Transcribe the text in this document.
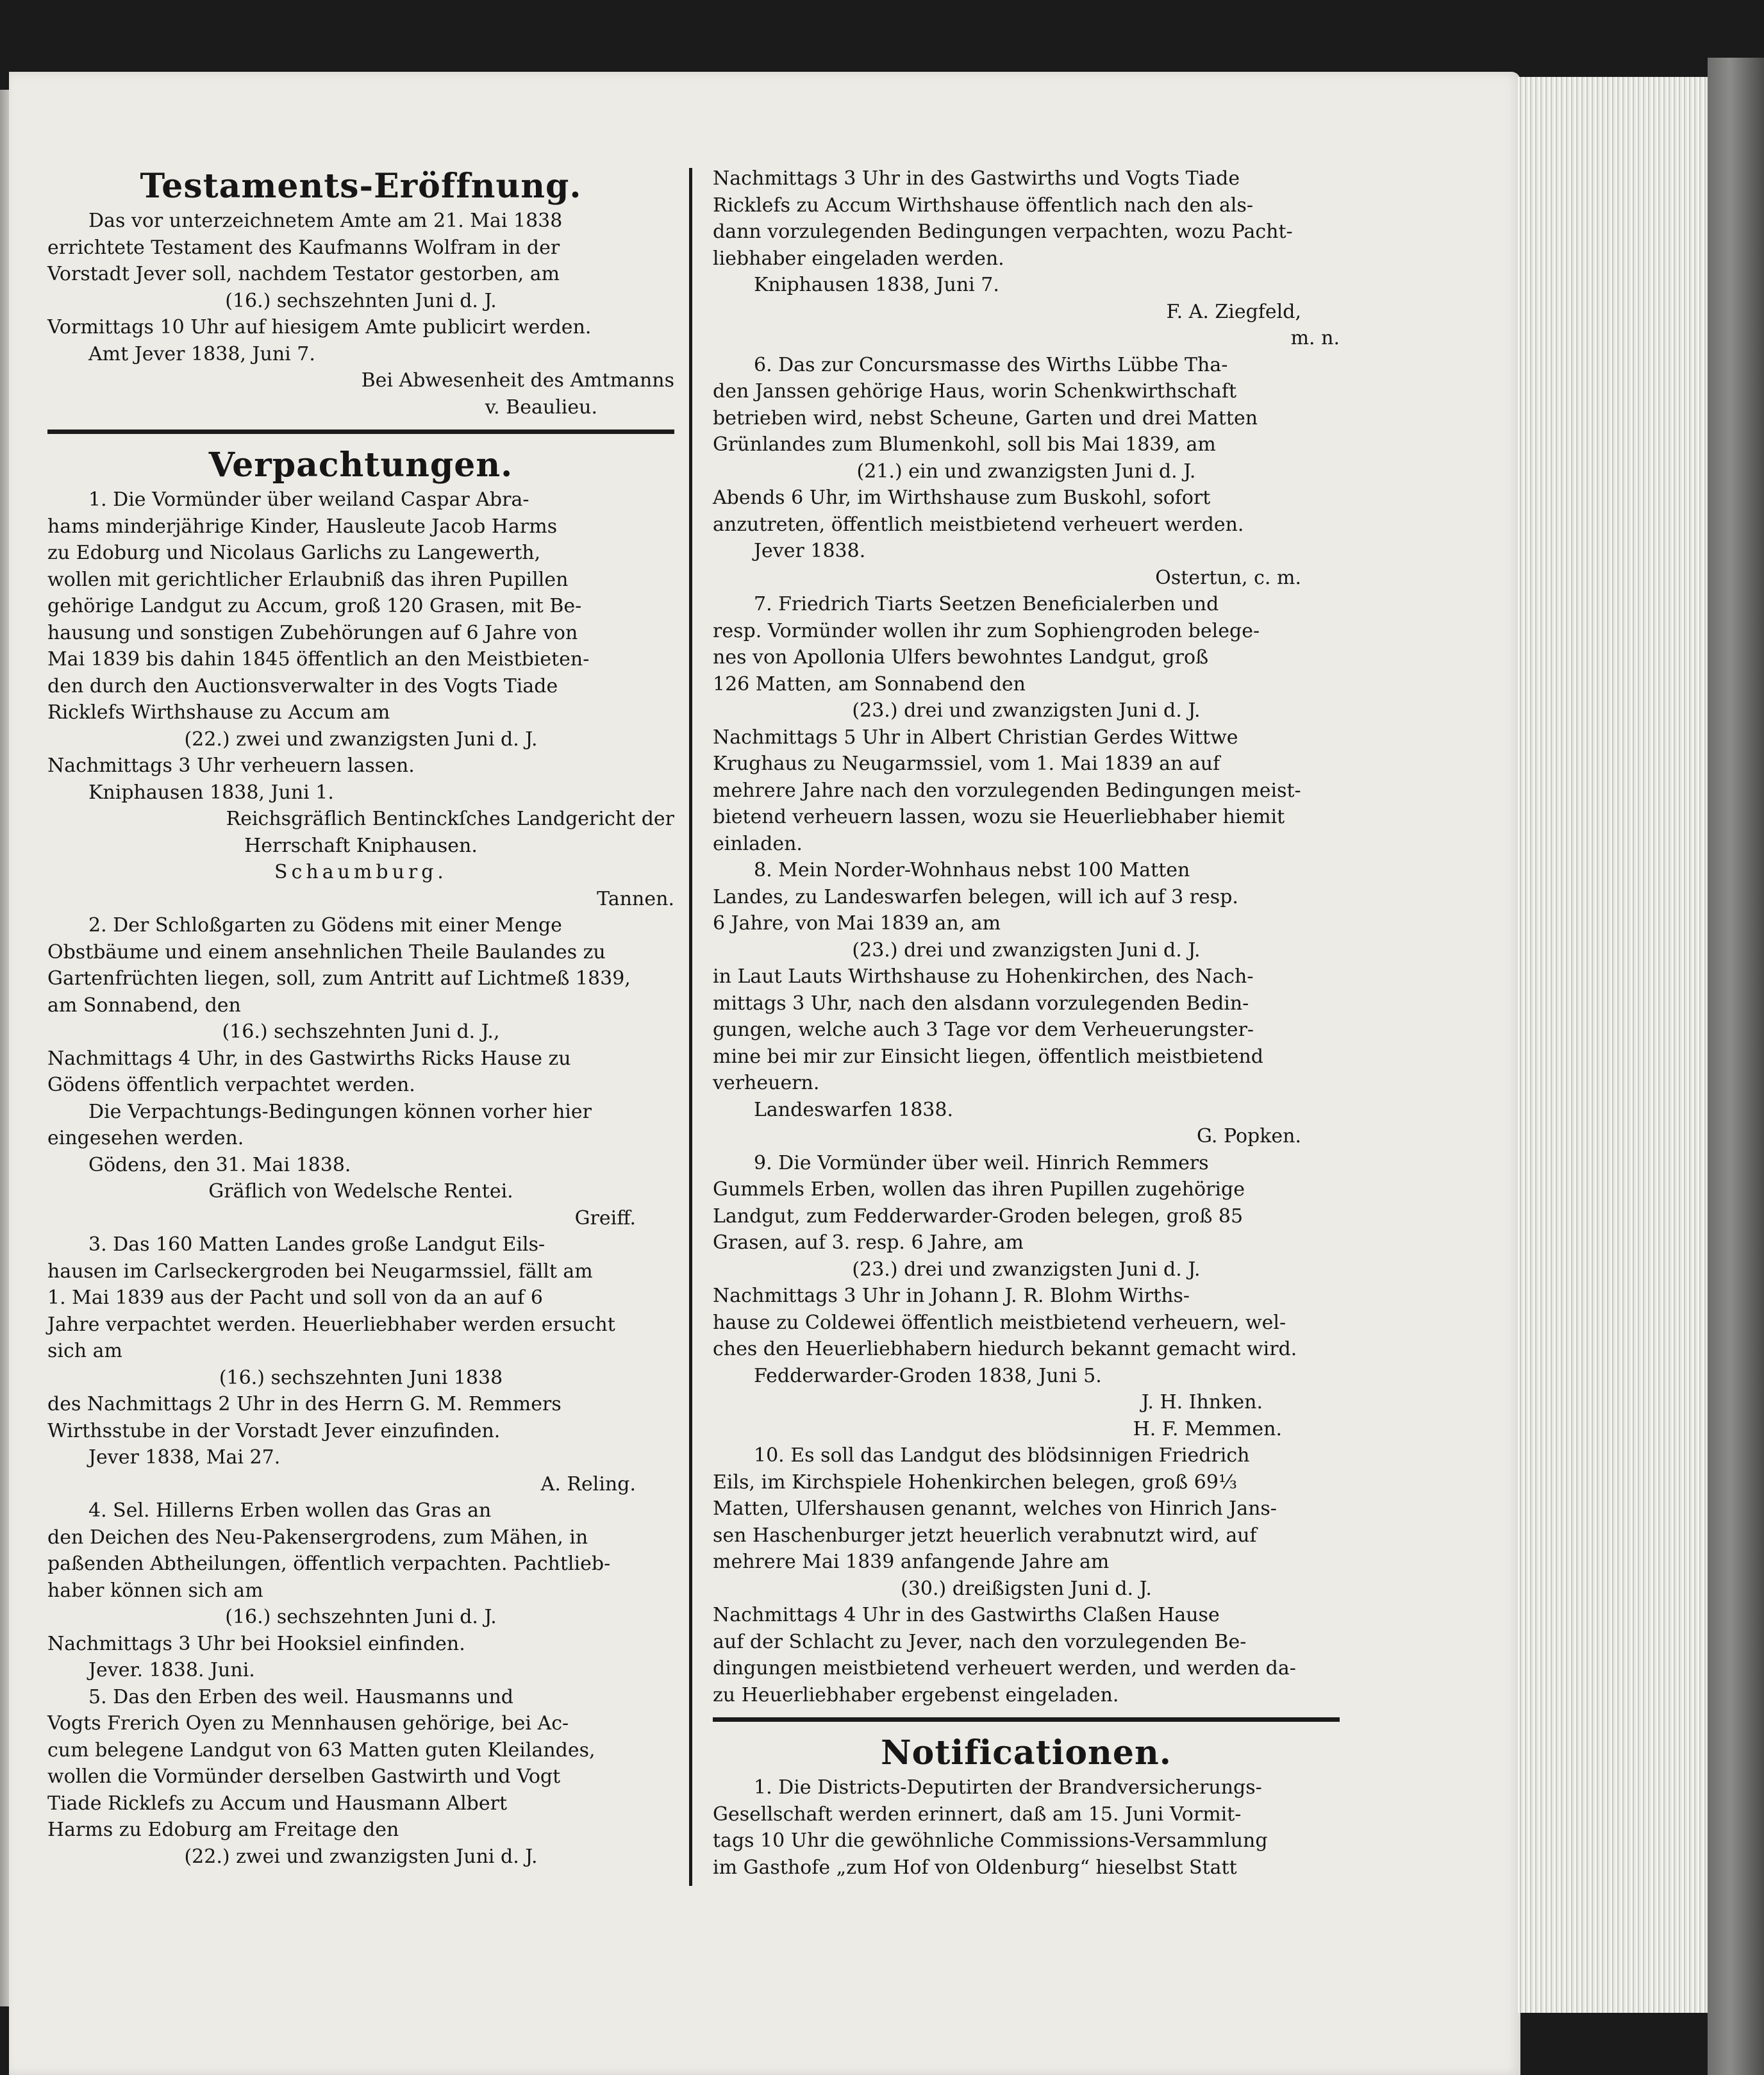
Testaments-Eröffnung.

Das vor unterzeichnetem Amte am 21. Mai 1838

errichtete Testament des Kaufmanns Wolfram in der

Vorstadt Jever soll, nachdem Testator gestorben, am

(16.) sechszehnten Juni d. J.

Vormittags 10 Uhr auf hiesigem Amte publicirt werden.

Amt Jever 1838, Juni 7.

Bei Abwesenheit des Amtmanns

v. Beaulieu.

Verpachtungen.

1. Die Vormünder über weiland Caspar Abra-

hams minderjährige Kinder, Hausleute Jacob Harms

zu Edoburg und Nicolaus Garlichs zu Langewerth,

wollen mit gerichtlicher Erlaubniß das ihren Pupillen

gehörige Landgut zu Accum, groß 120 Grasen, mit Be-

hausung und sonstigen Zubehörungen auf 6 Jahre von

Mai 1839 bis dahin 1845 öffentlich an den Meistbieten-

den durch den Auctionsverwalter in des Vogts Tiade

Ricklefs Wirthshause zu Accum am

(22.) zwei und zwanzigsten Juni d. J.

Nachmittags 3 Uhr verheuern lassen.

Kniphausen 1838, Juni 1.

Reichsgräflich Bentinckſches Landgericht der

Herrschaft Kniphausen.

Schaumburg.

Tannen.

2. Der Schloßgarten zu Gödens mit einer Menge

Obstbäume und einem ansehnlichen Theile Baulandes zu

Gartenfrüchten liegen, soll, zum Antritt auf Lichtmeß 1839,

am Sonnabend, den

(16.) sechszehnten Juni d. J.,

Nachmittags 4 Uhr, in des Gastwirths Ricks Hause zu

Gödens öffentlich verpachtet werden.

Die Verpachtungs-Bedingungen können vorher hier

eingesehen werden.

Gödens, den 31. Mai 1838.

Gräflich von Wedelsche Rentei.

Greiff.

3. Das 160 Matten Landes große Landgut Eils-

hausen im Carlseckergroden bei Neugarmssiel, fällt am

1. Mai 1839 aus der Pacht und soll von da an auf 6

Jahre verpachtet werden. Heuerliebhaber werden ersucht

sich am

(16.) sechszehnten Juni 1838

des Nachmittags 2 Uhr in des Herrn G. M. Remmers

Wirthsstube in der Vorstadt Jever einzufinden.

Jever 1838, Mai 27.

A. Reling.

4. Sel. Hillerns Erben wollen das Gras an

den Deichen des Neu-Pakensergrodens, zum Mähen, in

paßenden Abtheilungen, öffentlich verpachten. Pachtlieb-

haber können sich am

(16.) sechszehnten Juni d. J.

Nachmittags 3 Uhr bei Hooksiel einfinden.

Jever. 1838. Juni.

5. Das den Erben des weil. Hausmanns und

Vogts Frerich Oyen zu Mennhausen gehörige, bei Ac-

cum belegene Landgut von 63 Matten guten Kleilandes,

wollen die Vormünder derselben Gastwirth und Vogt

Tiade Ricklefs zu Accum und Hausmann Albert

Harms zu Edoburg am Freitage den

(22.) zwei und zwanzigsten Juni d. J.

Nachmittags 3 Uhr in des Gastwirths und Vogts Tiade

Ricklefs zu Accum Wirthshause öffentlich nach den als-

dann vorzulegenden Bedingungen verpachten, wozu Pacht-

liebhaber eingeladen werden.

Kniphausen 1838, Juni 7.

F. A. Ziegfeld,

m. n.

6. Das zur Concursmasse des Wirths Lübbe Tha-

den Janssen gehörige Haus, worin Schenkwirthschaft

betrieben wird, nebst Scheune, Garten und drei Matten

Grünlandes zum Blumenkohl, soll bis Mai 1839, am

(21.) ein und zwanzigsten Juni d. J.

Abends 6 Uhr, im Wirthshause zum Buskohl, sofort

anzutreten, öffentlich meistbietend verheuert werden.

Jever 1838.

Ostertun, c. m.

7. Friedrich Tiarts Seetzen Beneficialerben und

resp. Vormünder wollen ihr zum Sophiengroden belege-

nes von Apollonia Ulfers bewohntes Landgut, groß

126 Matten, am Sonnabend den

(23.) drei und zwanzigsten Juni d. J.

Nachmittags 5 Uhr in Albert Christian Gerdes Wittwe

Krughaus zu Neugarmssiel, vom 1. Mai 1839 an auf

mehrere Jahre nach den vorzulegenden Bedingungen meist-

bietend verheuern lassen, wozu sie Heuerliebhaber hiemit

einladen.

8. Mein Norder-Wohnhaus nebst 100 Matten

Landes, zu Landeswarfen belegen, will ich auf 3 resp.

6 Jahre, von Mai 1839 an, am

(23.) drei und zwanzigsten Juni d. J.

in Laut Lauts Wirthshause zu Hohenkirchen, des Nach-

mittags 3 Uhr, nach den alsdann vorzulegenden Bedin-

gungen, welche auch 3 Tage vor dem Verheuerungster-

mine bei mir zur Einsicht liegen, öffentlich meistbietend

verheuern.

Landeswarfen 1838.

G. Popken.

9. Die Vormünder über weil. Hinrich Remmers

Gummels Erben, wollen das ihren Pupillen zugehörige

Landgut, zum Fedderwarder-Groden belegen, groß 85

Grasen, auf 3. resp. 6 Jahre, am

(23.) drei und zwanzigsten Juni d. J.

Nachmittags 3 Uhr in Johann J. R. Blohm Wirths-

hause zu Coldewei öffentlich meistbietend verheuern, wel-

ches den Heuerliebhabern hiedurch bekannt gemacht wird.

Fedderwarder-Groden 1838, Juni 5.

J. H. Ihnken.

H. F. Memmen.

10. Es soll das Landgut des blödsinnigen Friedrich

Eils, im Kirchspiele Hohenkirchen belegen, groß 69⅓

Matten, Ulfershausen genannt, welches von Hinrich Jans-

sen Haschenburger jetzt heuerlich verabnutzt wird, auf

mehrere Mai 1839 anfangende Jahre am

(30.) dreißigsten Juni d. J.

Nachmittags 4 Uhr in des Gastwirths Claßen Hause

auf der Schlacht zu Jever, nach den vorzulegenden Be-

dingungen meistbietend verheuert werden, und werden da-

zu Heuerliebhaber ergebenst eingeladen.

Notificationen.

1. Die Districts-Deputirten der Brandversicherungs-

Gesellschaft werden erinnert, daß am 15. Juni Vormit-

tags 10 Uhr die gewöhnliche Commissions-Versammlung

im Gasthofe „zum Hof von Oldenburg“ hieselbst Statt
